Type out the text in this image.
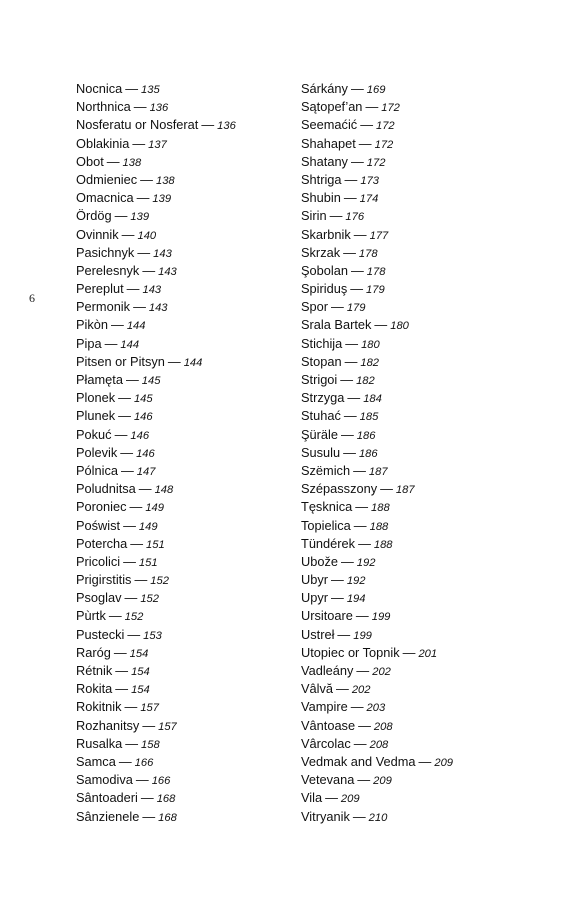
6
Nocnica — 135
Northnica — 136
Nosferatu or Nosferat — 136
Oblakinia — 137
Obot — 138
Odmieniec — 138
Omacnica — 139
Ördög — 139
Ovinnik — 140
Pasichnyk — 143
Perelesnyk — 143
Pereplut — 143
Permonik — 143
Pikòn — 144
Pipa — 144
Pitsen or Pitsyn — 144
Płamęta — 145
Plonek — 145
Plunek — 146
Pokuć — 146
Polevik — 146
Pólnica — 147
Poludnitsa — 148
Poroniec — 149
Poświst — 149
Poterchа — 151
Pricolici — 151
Prigirstitis — 152
Psoglav — 152
Pùrtk — 152
Pustecki — 153
Raróg — 154
Rétnik — 154
Rokita — 154
Rokitnik — 157
Rozhanitsy — 157
Rusalka — 158
Samca — 166
Samodiva — 166
Sântoaderi — 168
Sânzienele — 168
Sárkány — 169
Sątopef’an — 172
Seemaćić — 172
Shahapet — 172
Shatany — 172
Shtriga — 173
Shubin — 174
Sirin — 176
Skarbnik — 177
Skrzak — 178
Şobolan — 178
Spiriduş — 179
Spor — 179
Srala Bartek — 180
Stichija — 180
Stopan — 182
Strigoi — 182
Strzyga — 184
Stuhać — 185
Şüräle — 186
Susulu — 186
Szëmich — 187
Szépasszony — 187
Tęsknica — 188
Topielica — 188
Tündérek — 188
Ubože — 192
Ubyr — 192
Upyr — 194
Ursitoare — 199
Ustreł — 199
Utopiec or Topnik — 201
Vadleány — 202
Vâlvă — 202
Vampire — 203
Vântoase — 208
Vârcolac — 208
Vedmak and Vedma — 209
Vetevana — 209
Vila — 209
Vitryanik — 210
